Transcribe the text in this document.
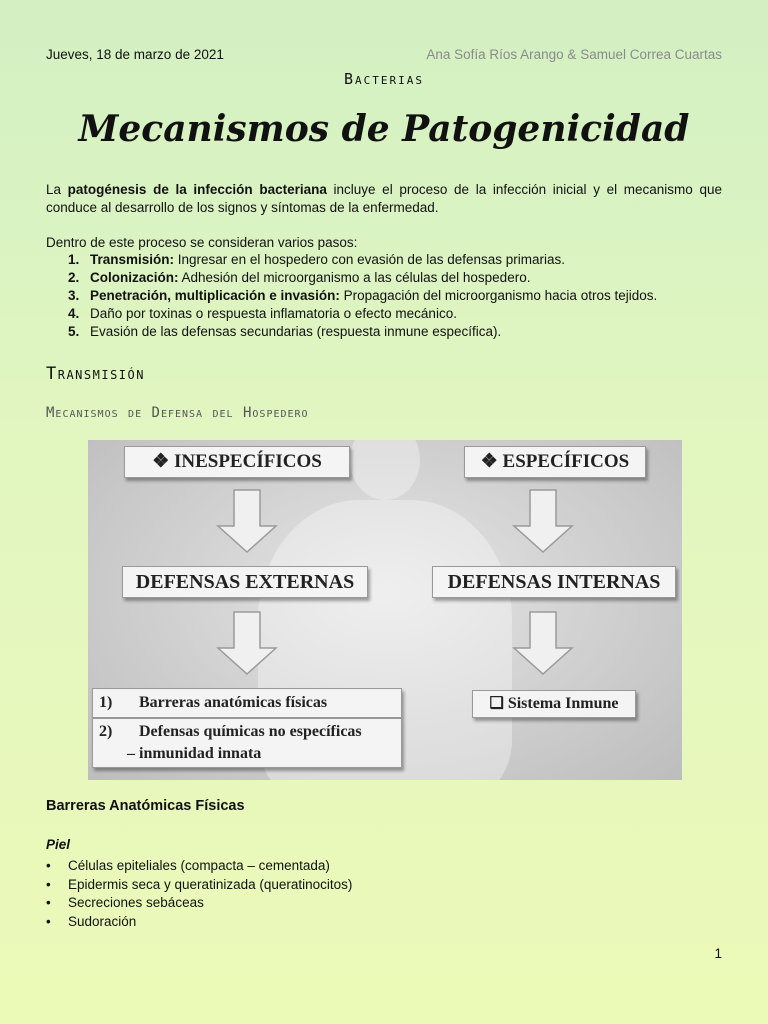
Jueves, 18 de marzo de 2021	Ana Sofía Ríos Arango & Samuel Correa Cuartas
Bacterias
Mecanismos de Patogenicidad
La patogénesis de la infección bacteriana incluye el proceso de la infección inicial y el mecanismo que conduce al desarrollo de los signos y síntomas de la enfermedad.
Dentro de este proceso se consideran varios pasos:
1. Transmisión: Ingresar en el hospedero con evasión de las defensas primarias.
2. Colonización: Adhesión del microorganismo a las células del hospedero.
3. Penetración, multiplicación e invasión: Propagación del microorganismo hacia otros tejidos.
4. Daño por toxinas o respuesta inflamatoria o efecto mecánico.
5. Evasión de las defensas secundarias (respuesta inmune específica).
Transmisión
Mecanismos de Defensa del Hospedero
❖ INESPECÍFICOS	❖ ESPECÍFICOS
DEFENSAS EXTERNAS	DEFENSAS INTERNAS
1) Barreras anatómicas físicas
2) Defensas químicas no específicas
– inmunidad innata
❑ Sistema Inmune
Barreras Anatómicas Físicas
Piel
• Células epiteliales (compacta – cementada)
• Epidermis seca y queratinizada (queratinocitos)
• Secreciones sebáceas
• Sudoración
1
